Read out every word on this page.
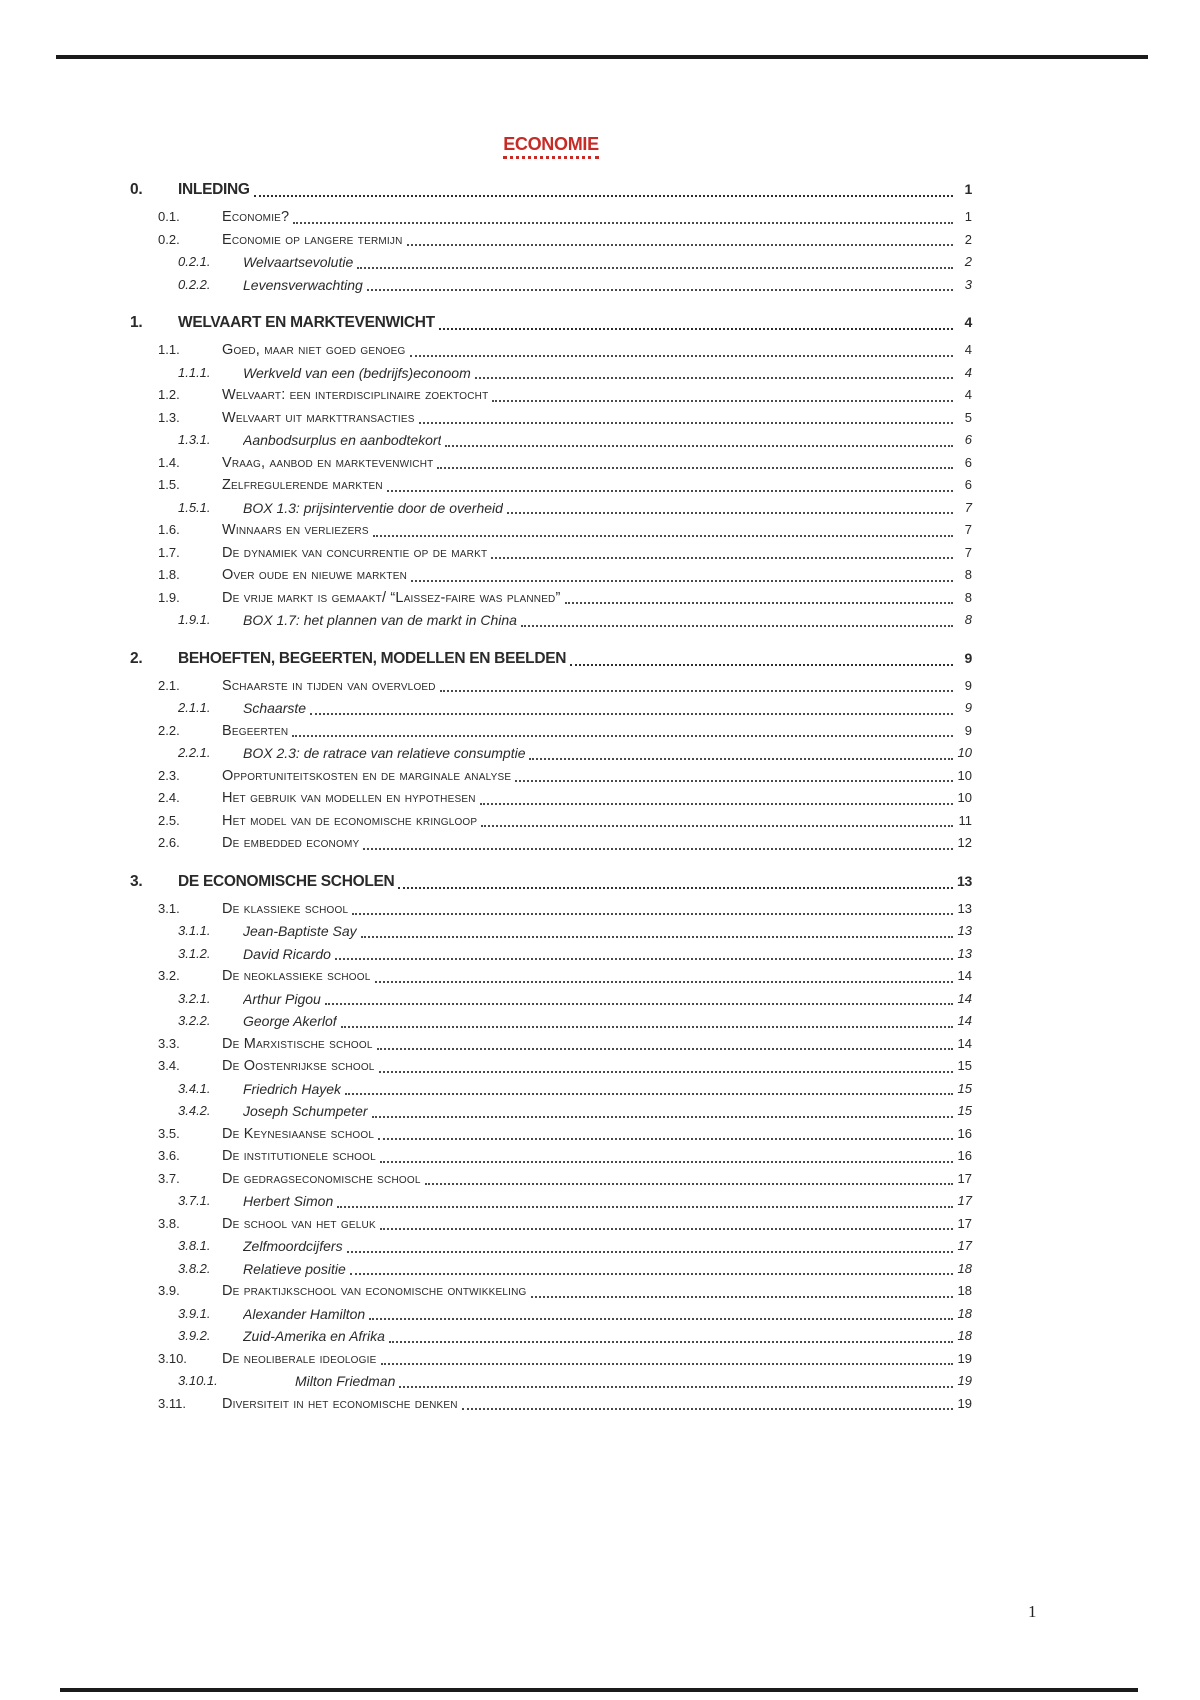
ECONOMIE
0.	INLEDING	1
0.1.	Economie?	1
0.2.	Economie op langere termijn	2
0.2.1.	Welvaartsevolutie	2
0.2.2.	Levensverwachting	3
1.	WELVAART EN MARKTEVENWICHT	4
1.1.	Goed, maar niet goed genoeg	4
1.1.1.	Werkveld van een (bedrijfs)econoom	4
1.2.	Welvaart: een interdisciplinaire zoektocht	4
1.3.	Welvaart uit markttransacties	5
1.3.1.	Aanbodsurplus en aanbodtekort	6
1.4.	Vraag, aanbod en marktevenwicht	6
1.5.	Zelfregulerende markten	6
1.5.1.	BOX 1.3: prijsinterventie door de overheid	7
1.6.	Winnaars en verliezers	7
1.7.	De dynamiek van concurrentie op de markt	7
1.8.	Over oude en nieuwe markten	8
1.9.	De vrije markt is gemaakt/ “Laissez-faire was planned”	8
1.9.1.	BOX 1.7: het plannen van de markt in China	8
2.	BEHOEFTEN, BEGEERTEN, MODELLEN EN BEELDEN	9
2.1.	Schaarste in tijden van overvloed	9
2.1.1.	Schaarste	9
2.2.	Begeerten	9
2.2.1.	BOX 2.3: de ratrace van relatieve consumptie	10
2.3.	Opportuniteitskosten en de marginale analyse	10
2.4.	Het gebruik van modellen en hypothesen	10
2.5.	Het model van de economische kringloop	11
2.6.	De embedded economy	12
3.	DE ECONOMISCHE SCHOLEN	13
3.1.	De klassieke school	13
3.1.1.	Jean-Baptiste Say	13
3.1.2.	David Ricardo	13
3.2.	De neoklassieke school	14
3.2.1.	Arthur Pigou	14
3.2.2.	George Akerlof	14
3.3.	De Marxistische school	14
3.4.	De Oostenrijkse school	15
3.4.1.	Friedrich Hayek	15
3.4.2.	Joseph Schumpeter	15
3.5.	De Keynesiaanse school	16
3.6.	De institutionele school	16
3.7.	De gedragseconomische school	17
3.7.1.	Herbert Simon	17
3.8.	De school van het geluk	17
3.8.1.	Zelfmoordcijfers	17
3.8.2.	Relatieve positie	18
3.9.	De praktijkschool van economische ontwikkeling	18
3.9.1.	Alexander Hamilton	18
3.9.2.	Zuid-Amerika en Afrika	18
3.10.	De neoliberale ideologie	19
3.10.1.	Milton Friedman	19
3.11.	Diversiteit in het economische denken	19
1
